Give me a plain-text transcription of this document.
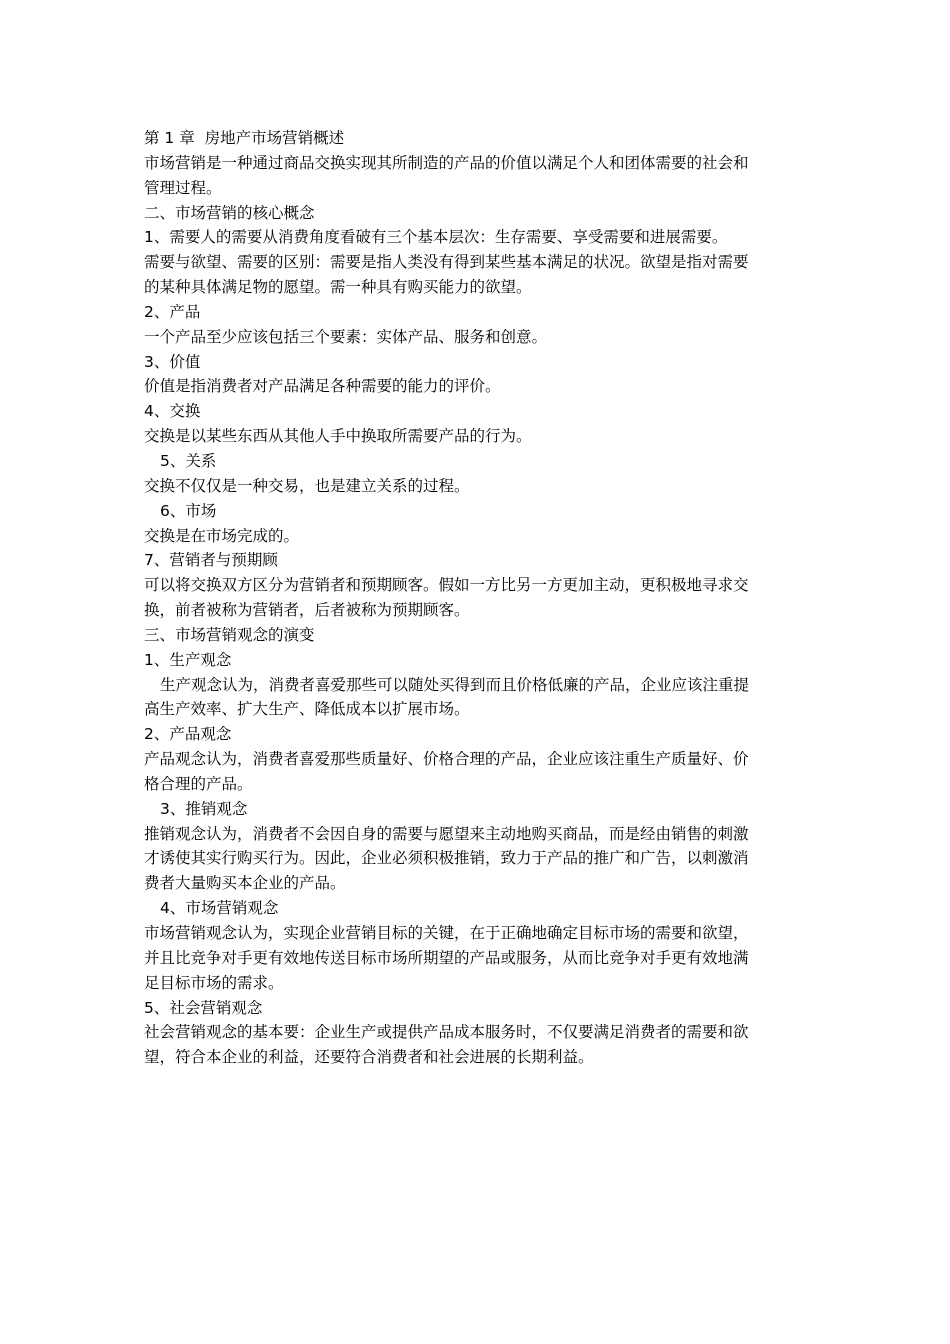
第 1 章  房地产市场营销概述

市场营销是一种通过商品交换实现其所制造的产品的价值以满足个人和团体需要的社会和

管理过程。

二、市场营销的核心概念

1、需要人的需要从消费角度看破有三个基本层次：生存需要、享受需要和进展需要。

需要与欲望、需要的区别：需要是指人类没有得到某些基本满足的状况。欲望是指对需要

的某种具体满足物的愿望。需一种具有购买能力的欲望。

2、产品

一个产品至少应该包括三个要素：实体产品、服务和创意。

3、价值

价值是指消费者对产品满足各种需要的能力的评价。

4、交换

交换是以某些东西从其他人手中换取所需要产品的行为。

5、关系

交换不仅仅是一种交易，也是建立关系的过程。

6、市场

交换是在市场完成的。

7、营销者与预期顾

可以将交换双方区分为营销者和预期顾客。假如一方比另一方更加主动，更积极地寻求交

换，前者被称为营销者，后者被称为预期顾客。

三、市场营销观念的演变

1、生产观念

生产观念认为，消费者喜爱那些可以随处买得到而且价格低廉的产品，企业应该注重提

高生产效率、扩大生产、降低成本以扩展市场。

2、产品观念

产品观念认为，消费者喜爱那些质量好、价格合理的产品，企业应该注重生产质量好、价

格合理的产品。

3、推销观念

推销观念认为，消费者不会因自身的需要与愿望来主动地购买商品，而是经由销售的刺激

才诱使其实行购买行为。因此，企业必须积极推销，致力于产品的推广和广告，以刺激消

费者大量购买本企业的产品。

4、市场营销观念

市场营销观念认为，实现企业营销目标的关键，在于正确地确定目标市场的需要和欲望，

并且比竞争对手更有效地传送目标市场所期望的产品或服务，从而比竞争对手更有效地满

足目标市场的需求。

5、社会营销观念

社会营销观念的基本要：企业生产或提供产品成本服务时，不仅要满足消费者的需要和欲

望，符合本企业的利益，还要符合消费者和社会进展的长期利益。
